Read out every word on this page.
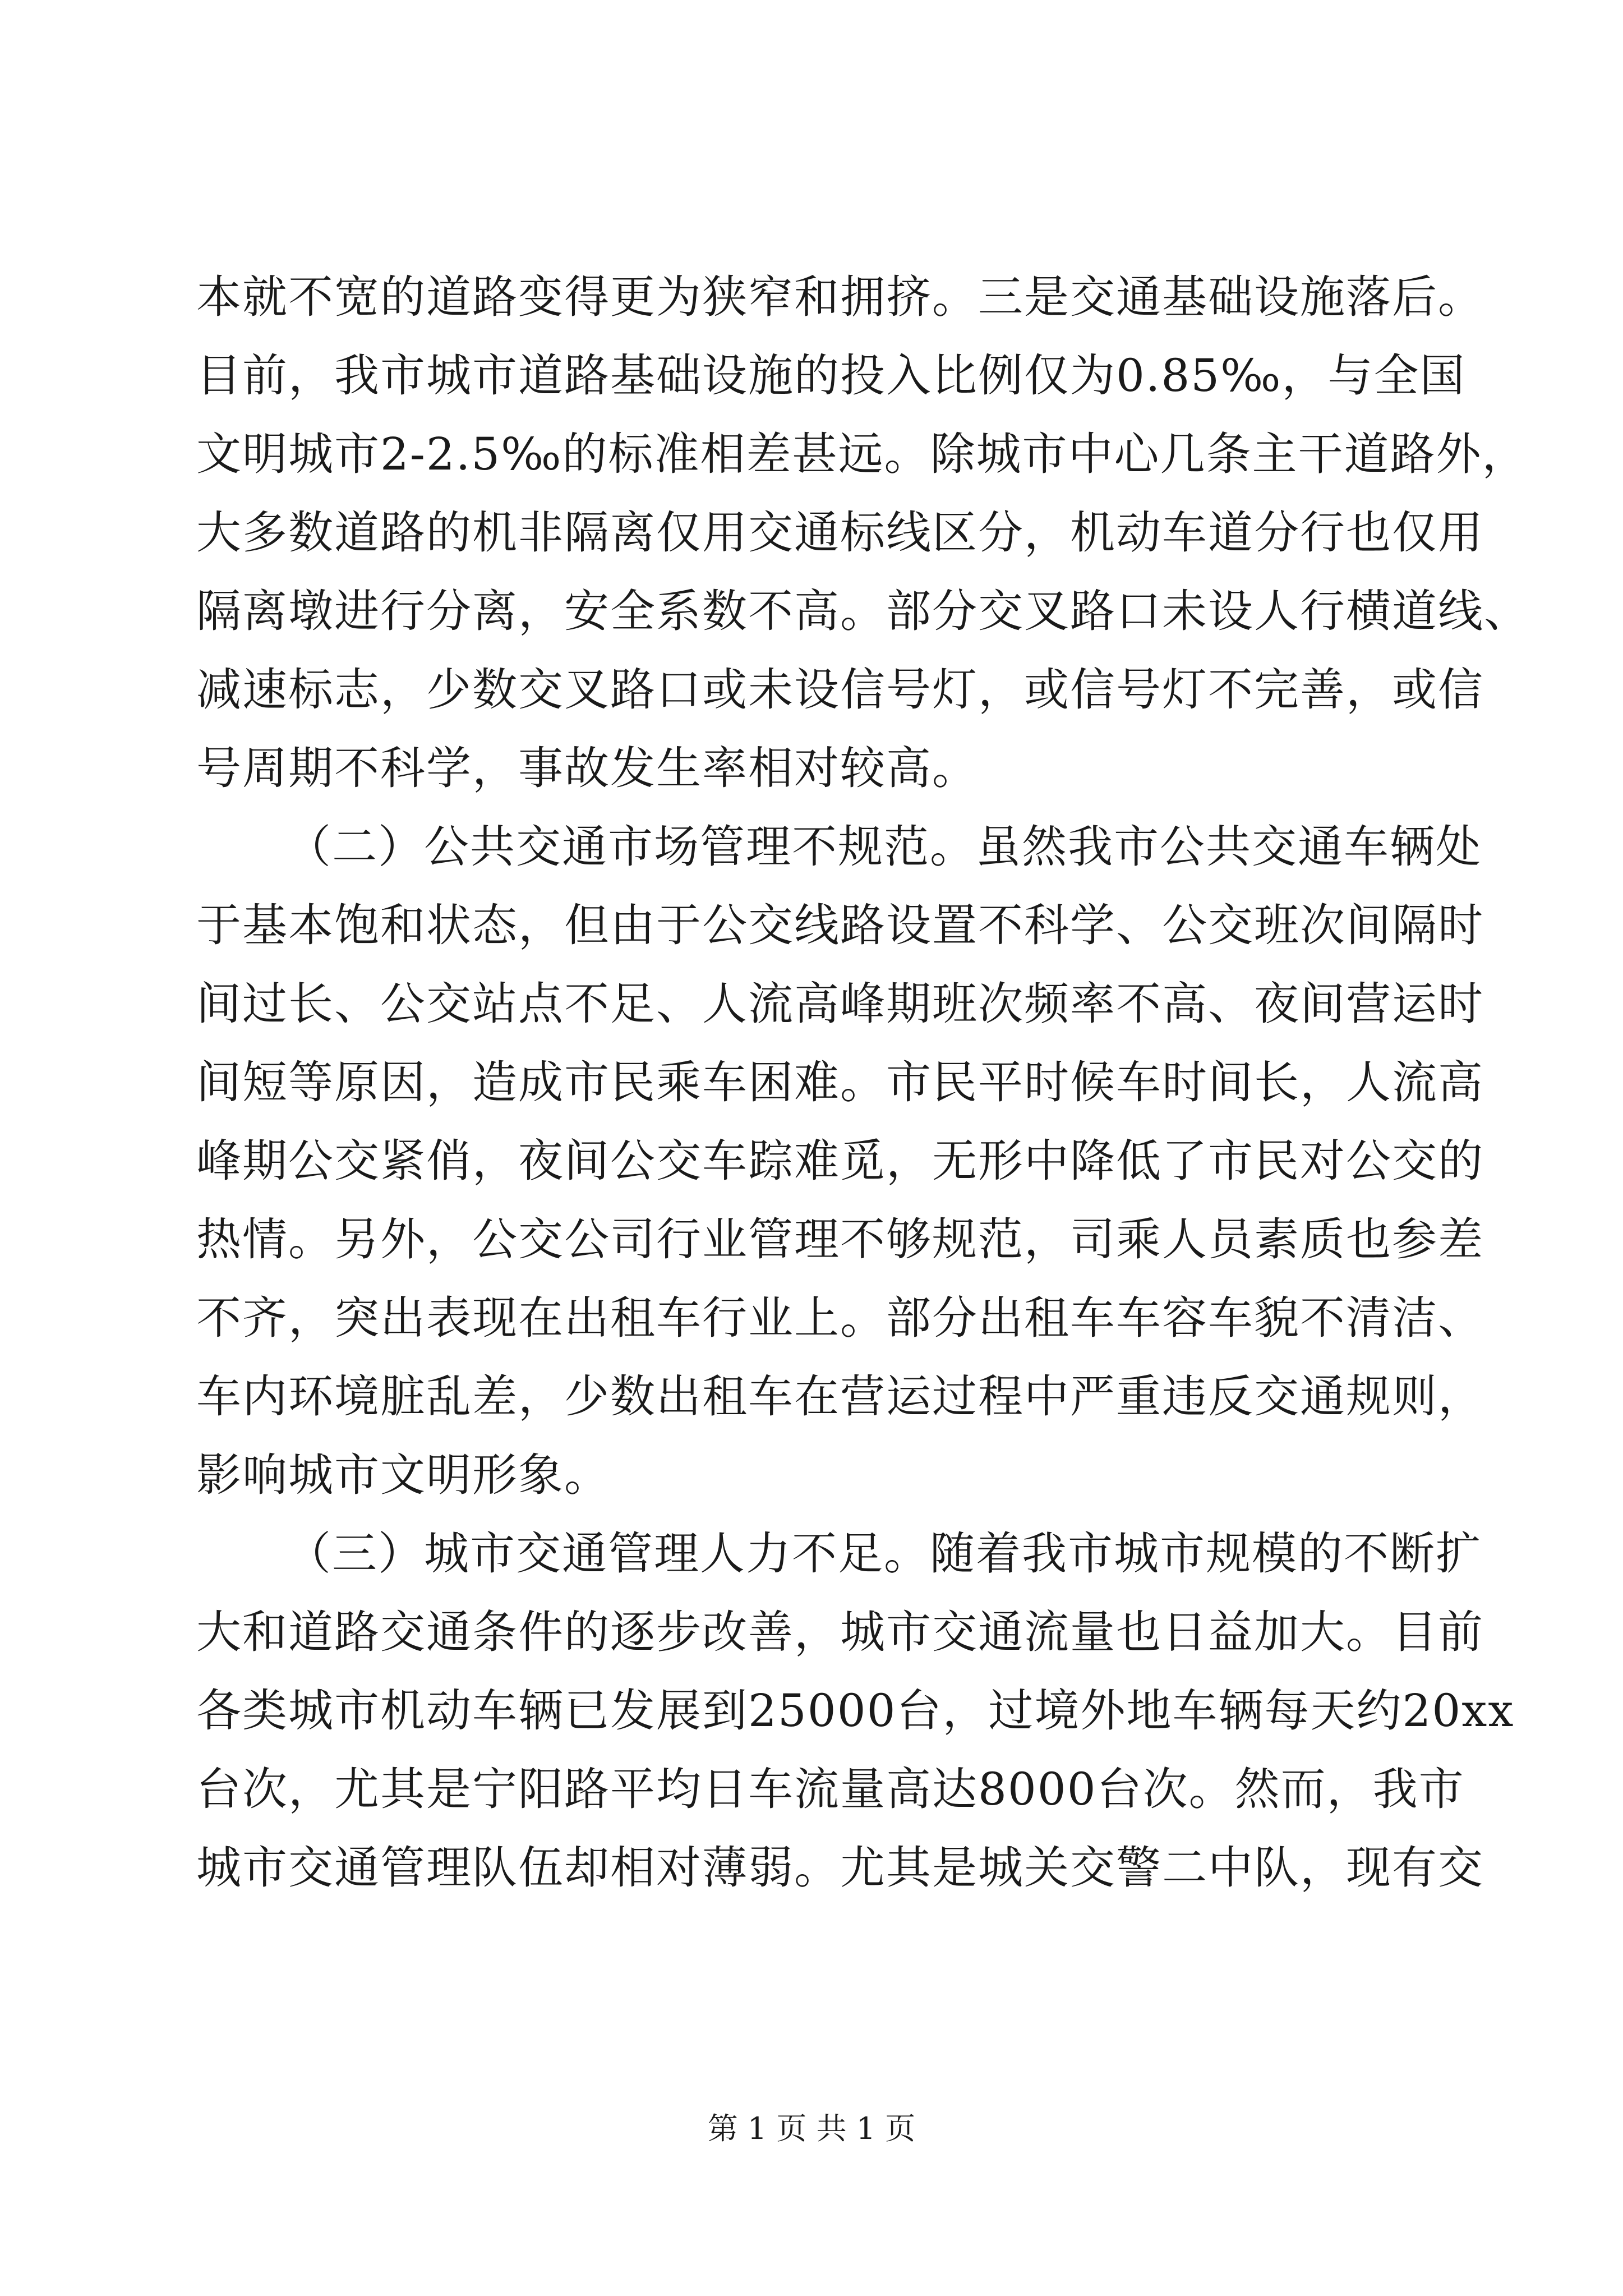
本就不宽的道路变得更为狭窄和拥挤。三是交通基础设施落后。
目前，我市城市道路基础设施的投入比例仅为0.85‰，与全国
文明城市2-2.5‰的标准相差甚远。除城市中心几条主干道路外，
大多数道路的机非隔离仅用交通标线区分，机动车道分行也仅用
隔离墩进行分离，安全系数不高。部分交叉路口未设人行横道线、
减速标志，少数交叉路口或未设信号灯，或信号灯不完善，或信
号周期不科学，事故发生率相对较高。
（二）公共交通市场管理不规范。虽然我市公共交通车辆处
于基本饱和状态，但由于公交线路设置不科学、公交班次间隔时
间过长、公交站点不足、人流高峰期班次频率不高、夜间营运时
间短等原因，造成市民乘车困难。市民平时候车时间长，人流高
峰期公交紧俏，夜间公交车踪难觅，无形中降低了市民对公交的
热情。另外，公交公司行业管理不够规范，司乘人员素质也参差
不齐，突出表现在出租车行业上。部分出租车车容车貌不清洁、
车内环境脏乱差，少数出租车在营运过程中严重违反交通规则，
影响城市文明形象。
（三）城市交通管理人力不足。随着我市城市规模的不断扩
大和道路交通条件的逐步改善，城市交通流量也日益加大。目前
各类城市机动车辆已发展到25000台，过境外地车辆每天约20xx
台次，尤其是宁阳路平均日车流量高达8000台次。然而，我市
城市交通管理队伍却相对薄弱。尤其是城关交警二中队，现有交
第 1 页 共 1 页
